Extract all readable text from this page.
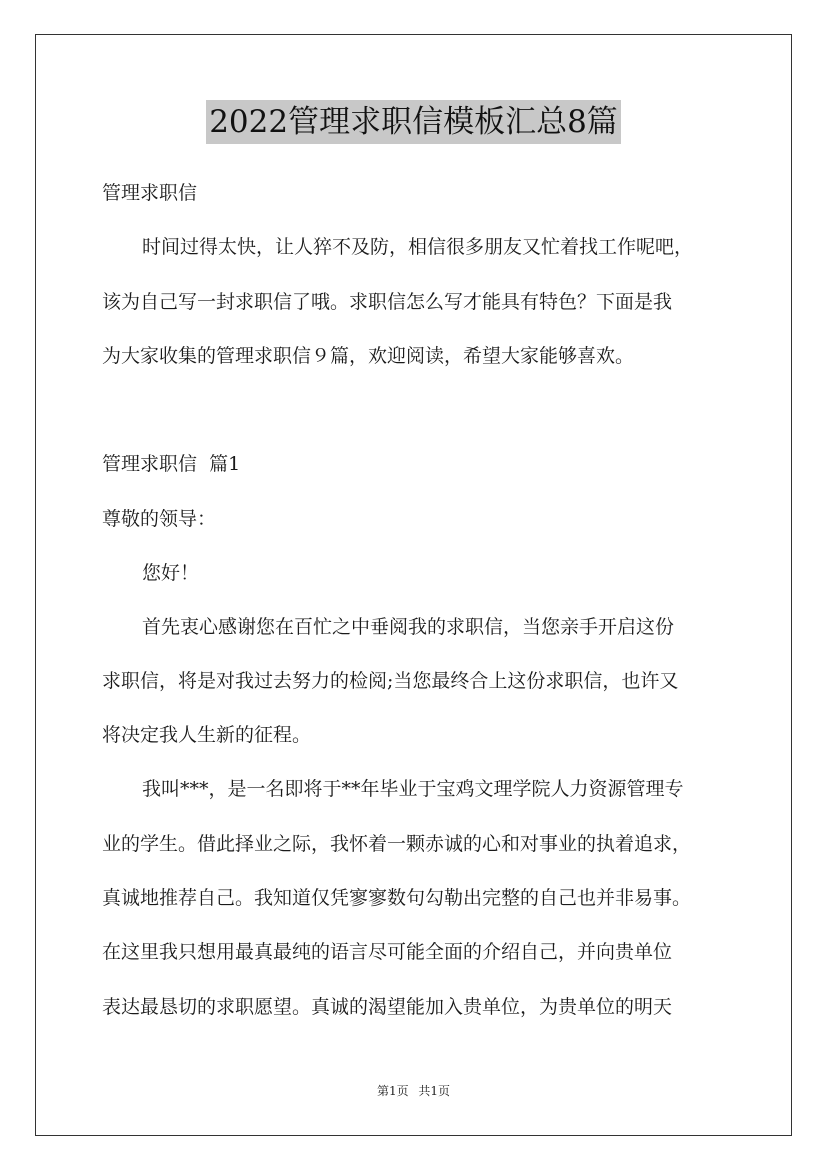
2022管理求职信模板汇总8篇
管理求职信
时间过得太快，让人猝不及防，相信很多朋友又忙着找工作呢吧，
该为自己写一封求职信了哦。求职信怎么写才能具有特色？下面是我
为大家收集的管理求职信９篇，欢迎阅读，希望大家能够喜欢。
管理求职信  篇1
尊敬的领导：
您好！
首先衷心感谢您在百忙之中垂阅我的求职信，当您亲手开启这份
求职信，将是对我过去努力的检阅;当您最终合上这份求职信，也许又
将决定我人生新的征程。
我叫***，是一名即将于**年毕业于宝鸡文理学院人力资源管理专
业的学生。借此择业之际，我怀着一颗赤诚的心和对事业的执着追求，
真诚地推荐自己。我知道仅凭寥寥数句勾勒出完整的自己也并非易事。
在这里我只想用最真最纯的语言尽可能全面的介绍自己，并向贵单位
表达最恳切的求职愿望。真诚的渴望能加入贵单位，为贵单位的明天
第1页 共1页
